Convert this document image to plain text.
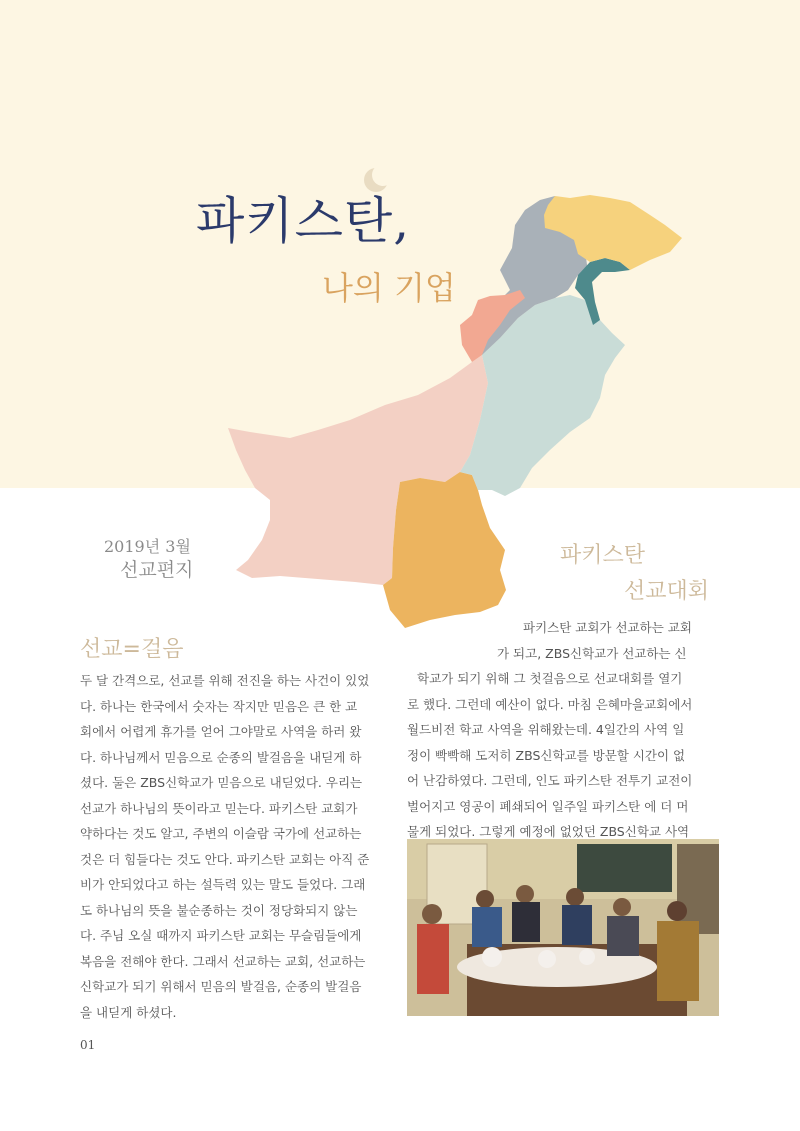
파키스탄,
나의 기업
2019년 3월
선교편지
파키스탄
선교대회
선교=걸음
두 달 간격으로, 선교를 위해 전진을 하는 사건이 있었
다. 하나는 한국에서 숫자는 작지만 믿음은 큰 한 교
회에서 어렵게 휴가를 얻어 그야말로 사역을 하러 왔
다. 하나님께서 믿음으로 순종의 발걸음을 내딛게 하
셨다. 둘은 ZBS신학교가 믿음으로 내딛었다. 우리는
선교가 하나님의 뜻이라고 믿는다. 파키스탄 교회가
약하다는 것도 알고, 주변의 이슬람 국가에 선교하는
것은 더 힘들다는 것도 안다. 파키스탄 교회는 아직 준
비가 안되었다고 하는 설득력 있는 말도 들었다. 그래
도 하나님의 뜻을 불순종하는 것이 정당화되지 않는
다. 주님 오실 때까지 파키스탄 교회는 무슬림들에게
복음을 전해야 한다. 그래서 선교하는 교회, 선교하는
신학교가 되기 위해서 믿음의 발걸음, 순종의 발걸음
을 내딛게 하셨다.
파키스탄 교회가 선교하는 교회
가 되고, ZBS신학교가 선교하는 신
학교가 되기 위해 그 첫걸음으로 선교대회를 열기
로 했다. 그런데 예산이 없다. 마침 은혜마을교회에서
월드비전 학교 사역을 위해왔는데. 4일간의 사역 일
정이 빡빡해 도저히 ZBS신학교를 방문할 시간이 없
어 난감하였다. 그런데, 인도 파키스탄 전투기 교전이
벌어지고 영공이 폐쇄되어 일주일 파키스탄 에 더 머
물게 되었다. 그렇게 예정에 없었던 ZBS신학교 사역
01
